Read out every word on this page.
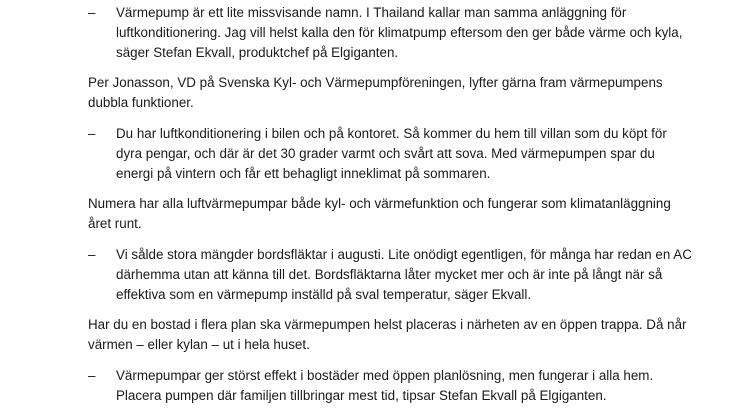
–	Värmepump är ett lite missvisande namn. I Thailand kallar man samma anläggning för
luftkonditionering. Jag vill helst kalla den för klimatpump eftersom den ger både värme och kyla,
säger Stefan Ekvall, produktchef på Elgiganten.
Per Jonasson, VD på Svenska Kyl- och Värmepumpföreningen, lyfter gärna fram värmepumpens
dubbla funktioner.
–	Du har luftkonditionering i bilen och på kontoret. Så kommer du hem till villan som du köpt för
dyra pengar, och där är det 30 grader varmt och svårt att sova. Med värmepumpen spar du
energi på vintern och får ett behagligt inneklimat på sommaren.
Numera har alla luftvärmepumpar både kyl- och värmefunktion och fungerar som klimatanläggning
året runt.
–	Vi sålde stora mängder bordsfläktar i augusti. Lite onödigt egentligen, för många har redan en AC
därhemma utan att känna till det. Bordsfläktarna låter mycket mer och är inte på långt när så
effektiva som en värmepump inställd på sval temperatur, säger Ekvall.
Har du en bostad i flera plan ska värmepumpen helst placeras i närheten av en öppen trappa. Då når
värmen – eller kylan – ut i hela huset.
–	Värmepumpar ger störst effekt i bostäder med öppen planlösning, men fungerar i alla hem.
Placera pumpen där familjen tillbringar mest tid, tipsar Stefan Ekvall på Elgiganten.
